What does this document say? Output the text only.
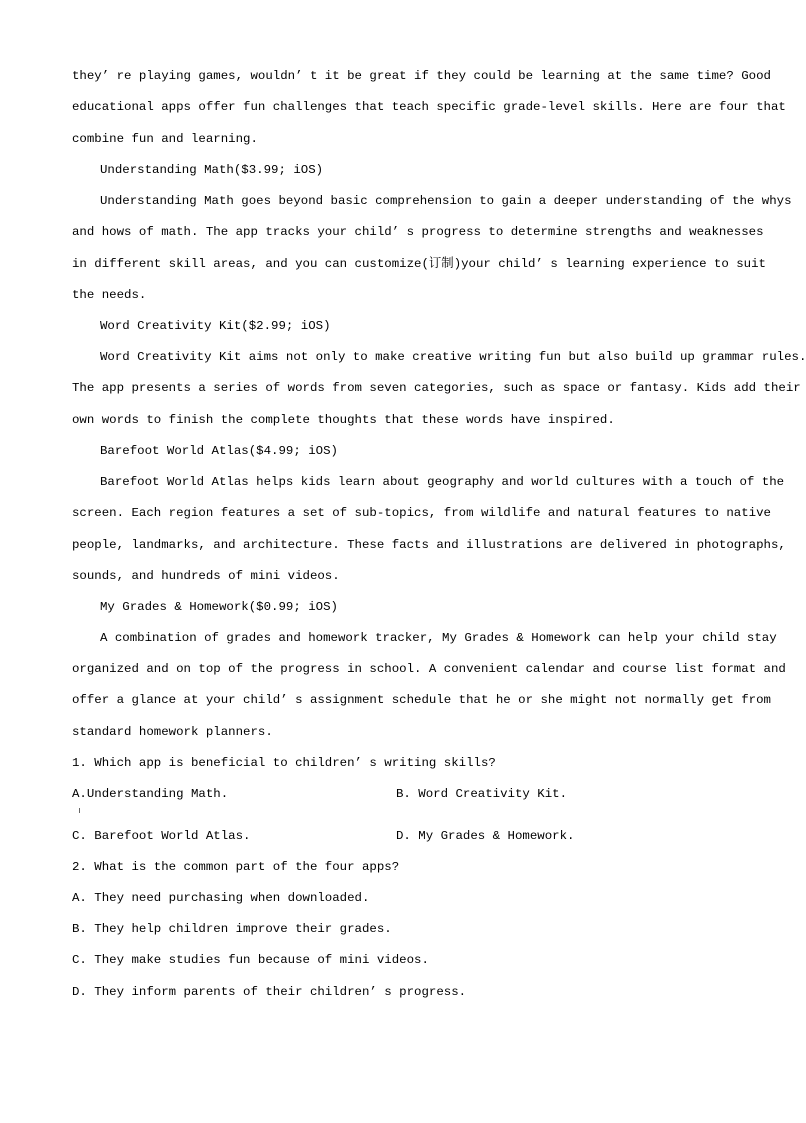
they’ re playing games, wouldn’ t it be great if they could be learning at the same time? Good
educational apps offer fun challenges that teach specific grade-level skills. Here are four that
combine fun and learning.
Understanding Math($3.99; iOS)
Understanding Math goes beyond basic comprehension to gain a deeper understanding of the whys
and hows of math. The app tracks your child’ s progress to determine strengths and weaknesses
in different skill areas, and you can customize(订制)your child’ s learning experience to suit
the needs.
Word Creativity Kit($2.99; iOS)
Word Creativity Kit aims not only to make creative writing fun but also build up grammar rules.
The app presents a series of words from seven categories, such as space or fantasy. Kids add their
own words to finish the complete thoughts that these words have inspired.
Barefoot World Atlas($4.99; iOS)
Barefoot World Atlas helps kids learn about geography and world cultures with a touch of the
screen. Each region features a set of sub-topics, from wildlife and natural features to native
people, landmarks, and architecture. These facts and illustrations are delivered in photographs,
sounds, and hundreds of mini videos.
My Grades & Homework($0.99; iOS)
A combination of grades and homework tracker, My Grades & Homework can help your child stay
organized and on top of the progress in school. A convenient calendar and course list format and
offer a glance at your child’ s assignment schedule that he or she might not normally get from
standard homework planners.
1. Which app is beneficial to children’ s writing skills?
A.Understanding Math.	B. Word Creativity Kit.
C. Barefoot World Atlas.	D. My Grades & Homework.
2. What is the common part of the four apps?
A. They need purchasing when downloaded.
B. They help children improve their grades.
C. They make studies fun because of mini videos.
D. They inform parents of their children’ s progress.
